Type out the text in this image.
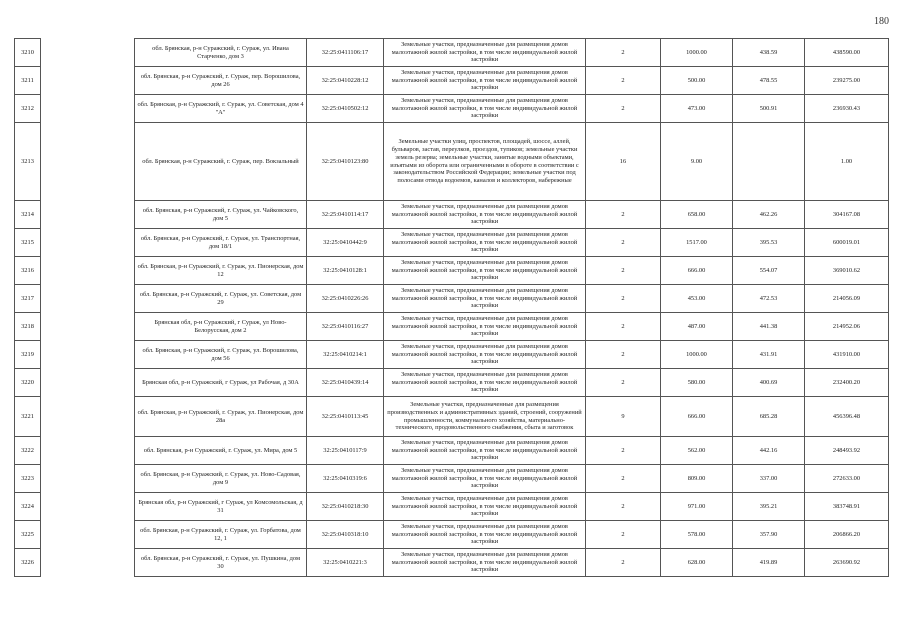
180
3210		обл. Брянская, р-н Суражский, г. Сураж, ул. Ивана Старченко, дом 3	32:25:0411106:17	Земельные участки, предназначенные для размещения домов малоэтажной жилой застройки, в том числе индивидуальной жилой застройки	2	1000.00	438.59	438590.00
3211		обл. Брянская, р-н Суражский, г. Сураж, пер. Ворошилова, дом 26	32:25:0410228:12	Земельные участки, предназначенные для размещения домов малоэтажной жилой застройки, в том числе индивидуальной жилой застройки	2	500.00	478.55	239275.00
3212		обл. Брянская, р-н Суражский, г. Сураж, ул. Советская, дом 4 "А"	32:25:0410502:12	Земельные участки, предназначенные для размещения домов малоэтажной жилой застройки, в том числе индивидуальной жилой застройки	2	473.00	500.91	236930.43
3213		обл. Брянская, р-н Суражский, г. Сураж, пер. Вокзальный	32:25:0410123:80	Земельные участки улиц, проспектов, площадей, шоссе, аллей, бульваров, застав, переулков, проездов, тупиков; земельные участки земель резерва; земельные участки, занятые водными объектами, изъятыми из оборота или ограниченными в обороте в соответствии с законодательством Российской Федерации; земельные участки под полосами отвода водоемов, каналов и коллекторов, набережные	16	9.00		1.00
3214		обл. Брянская, р-н Суражский, г. Сураж, ул. Чайковского, дом 5	32:25:0410114:17	Земельные участки, предназначенные для размещения домов малоэтажной жилой застройки, в том числе индивидуальной жилой застройки	2	658.00	462.26	304167.08
3215		обл. Брянская, р-н Суражский, г. Сураж, ул. Транспортная, дом 18/1	32:25:0410442:9	Земельные участки, предназначенные для размещения домов малоэтажной жилой застройки, в том числе индивидуальной жилой застройки	2	1517.00	395.53	600019.01
3216		обл. Брянская, р-н Суражский, г. Сураж, ул. Пионерская, дом 12	32:25:0410128:1	Земельные участки, предназначенные для размещения домов малоэтажной жилой застройки, в том числе индивидуальной жилой застройки	2	666.00	554.07	369010.62
3217		обл. Брянская, р-н Суражский, г. Сураж, ул. Советская, дом 29	32:25:0410226:26	Земельные участки, предназначенные для размещения домов малоэтажной жилой застройки, в том числе индивидуальной жилой застройки	2	453.00	472.53	214056.09
3218		Брянская обл, р-н Суражский, г Сураж, ул Ново-Белорусская, дом 2	32:25:0410116:27	Земельные участки, предназначенные для размещения домов малоэтажной жилой застройки, в том числе индивидуальной жилой застройки	2	487.00	441.38	214952.06
3219		обл. Брянская, р-н Суражский, г. Сураж, ул. Ворошилова, дом 56	32:25:0410214:1	Земельные участки, предназначенные для размещения домов малоэтажной жилой застройки, в том числе индивидуальной жилой застройки	2	1000.00	431.91	431910.00
3220		Брянская обл, р-н Суражский, г Сураж, ул Рабочая, д 30А	32:25:0410439:14	Земельные участки, предназначенные для размещения домов малоэтажной жилой застройки, в том числе индивидуальной жилой застройки	2	580.00	400.69	232400.20
3221		обл. Брянская, р-н Суражский, г. Сураж, ул. Пионерская, дом 28а	32:25:0410113:45	Земельные участки, предназначенные для размещения производственных и административных зданий, строений, сооружений промышленности, коммунального хозяйства, материально-технического, продовольственного снабжения, сбыта и заготовок	9	666.00	685.28	456396.48
3222		обл. Брянская, р-н Суражский, г. Сураж, ул. Мира, дом 5	32:25:0410117:9	Земельные участки, предназначенные для размещения домов малоэтажной жилой застройки, в том числе индивидуальной жилой застройки	2	562.00	442.16	248493.92
3223		обл. Брянская, р-н Суражский, г. Сураж, ул. Ново-Садовая, дом 9	32:25:0410319:6	Земельные участки, предназначенные для размещения домов малоэтажной жилой застройки, в том числе индивидуальной жилой застройки	2	809.00	337.00	272633.00
3224		Брянская обл, р-н Суражский, г Сураж, ул Комсомольская, д 31	32:25:0410218:30	Земельные участки, предназначенные для размещения домов малоэтажной жилой застройки, в том числе индивидуальной жилой застройки	2	971.00	395.21	383748.91
3225		обл. Брянская, р-н Суражский, г. Сураж, ул. Горбатова, дом 12, 1	32:25:0410318:10	Земельные участки, предназначенные для размещения домов малоэтажной жилой застройки, в том числе индивидуальной жилой застройки	2	578.00	357.90	206866.20
3226		обл. Брянская, р-н Суражский, г. Сураж, ул. Пушкина, дом 30	32:25:0410221:3	Земельные участки, предназначенные для размещения домов малоэтажной жилой застройки, в том числе индивидуальной жилой застройки	2	628.00	419.89	263690.92
